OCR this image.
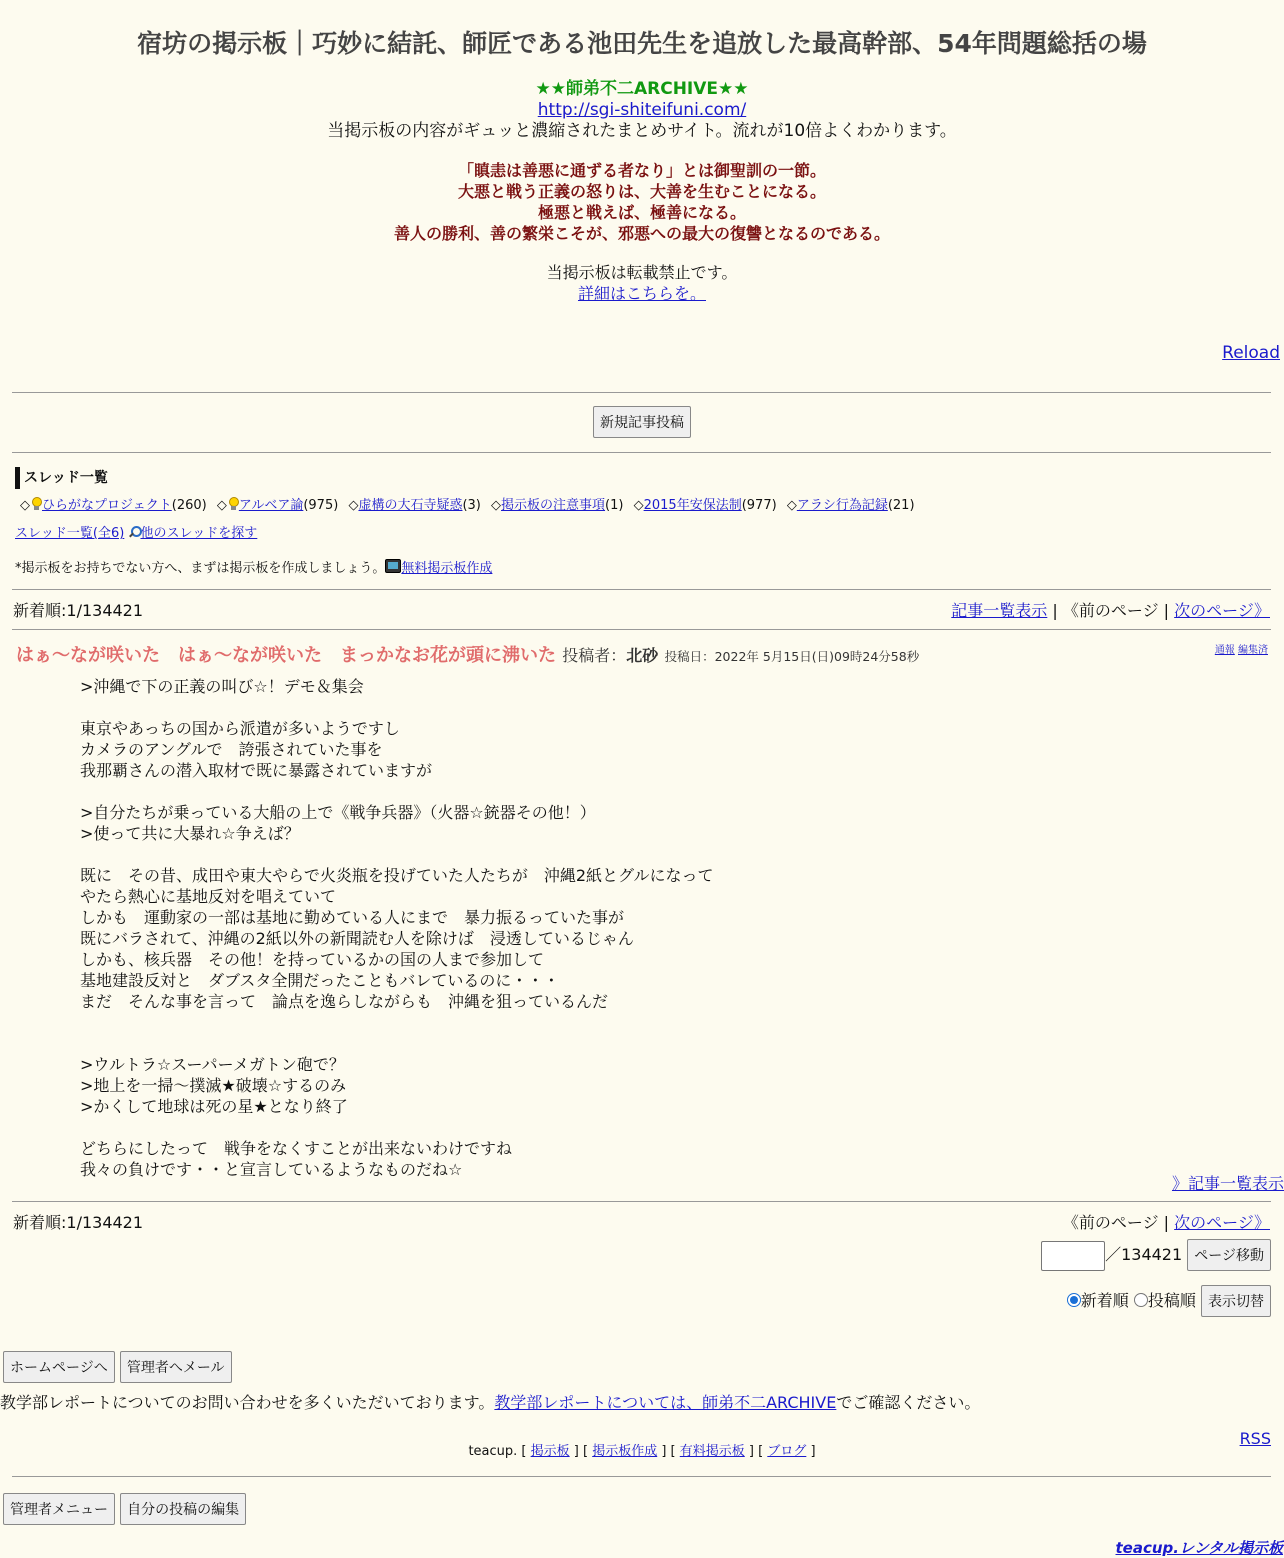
宿坊の掲示板｜巧妙に結託、師匠である池田先生を追放した最高幹部、54年問題総括の場
★★師弟不二ARCHIVE★★
http://sgi-shiteifuni.com/
当掲示板の内容がギュッと濃縮されたまとめサイト。流れが10倍よくわかります。
「瞋恚は善悪に通ずる者なり」とは御聖訓の一節。
大悪と戦う正義の怒りは、大善を生むことになる。
極悪と戦えば、極善になる。
善人の勝利、善の繁栄こそが、邪悪への最大の復讐となるのである。
当掲示板は転載禁止です。
詳細はこちらを。
Reload
新規記事投稿
スレッド一覧
◇ ひらがなプロジェクト(260) ◇ アルベア論(975) ◇虚構の大石寺疑惑(3) ◇掲示板の注意事項(1) ◇2015年安保法制(977) ◇アラシ行為記録(21)
スレッド一覧(全6) 他のスレッドを探す
*掲示板をお持ちでない方へ、まずは掲示板を作成しましょう。 無料掲示板作成
新着順:1/134421	記事一覧表示 | 《前のページ | 次のページ》
はぁ～なが咲いた　はぁ～なが咲いた　まっかなお花が頭に沸いた 投稿者：北砂 投稿日：2022年 5月15日(日)09時24分58秒	通報 編集済
>沖縄で下の正義の叫び☆！デモ＆集会

東京やあっちの国から派遣が多いようですし
カメラのアングルで　誇張されていた事を
我那覇さんの潜入取材で既に暴露されていますが

>自分たちが乗っている大船の上で《戦争兵器》（火器☆銃器その他！）
>使って共に大暴れ☆争えば？

既に　その昔、成田や東大やらで火炎瓶を投げていた人たちが　沖縄2紙とグルになって
やたら熱心に基地反対を唱えていて
しかも　運動家の一部は基地に勤めている人にまで　暴力振るっていた事が
既にバラされて、沖縄の2紙以外の新聞読む人を除けば　浸透しているじゃん
しかも、核兵器　その他！を持っているかの国の人まで参加して
基地建設反対と　ダブスタ全開だったこともバレているのに・・・
まだ　そんな事を言って　論点を逸らしながらも　沖縄を狙っているんだ

>ウルトラ☆スーパーメガトン砲で？
>地上を一掃～撲滅★破壊☆するのみ
>かくして地球は死の星★となり終了

どちらにしたって　戦争をなくすことが出来ないわけですね
我々の負けです・・と宣言しているようなものだね☆
》記事一覧表示
新着順:1/134421	《前のページ | 次のページ》
／134421 ページ移動
新着順 投稿順 表示切替
ホームページへ 管理者へメール
教学部レポートについてのお問い合わせを多くいただいております。教学部レポートについては、師弟不二ARCHIVEでご確認ください。
RSS
teacup. [ 掲示板 ] [ 掲示板作成 ] [ 有料掲示板 ] [ ブログ ]
管理者メニュー 自分の投稿の編集
teacup.レンタル掲示板
